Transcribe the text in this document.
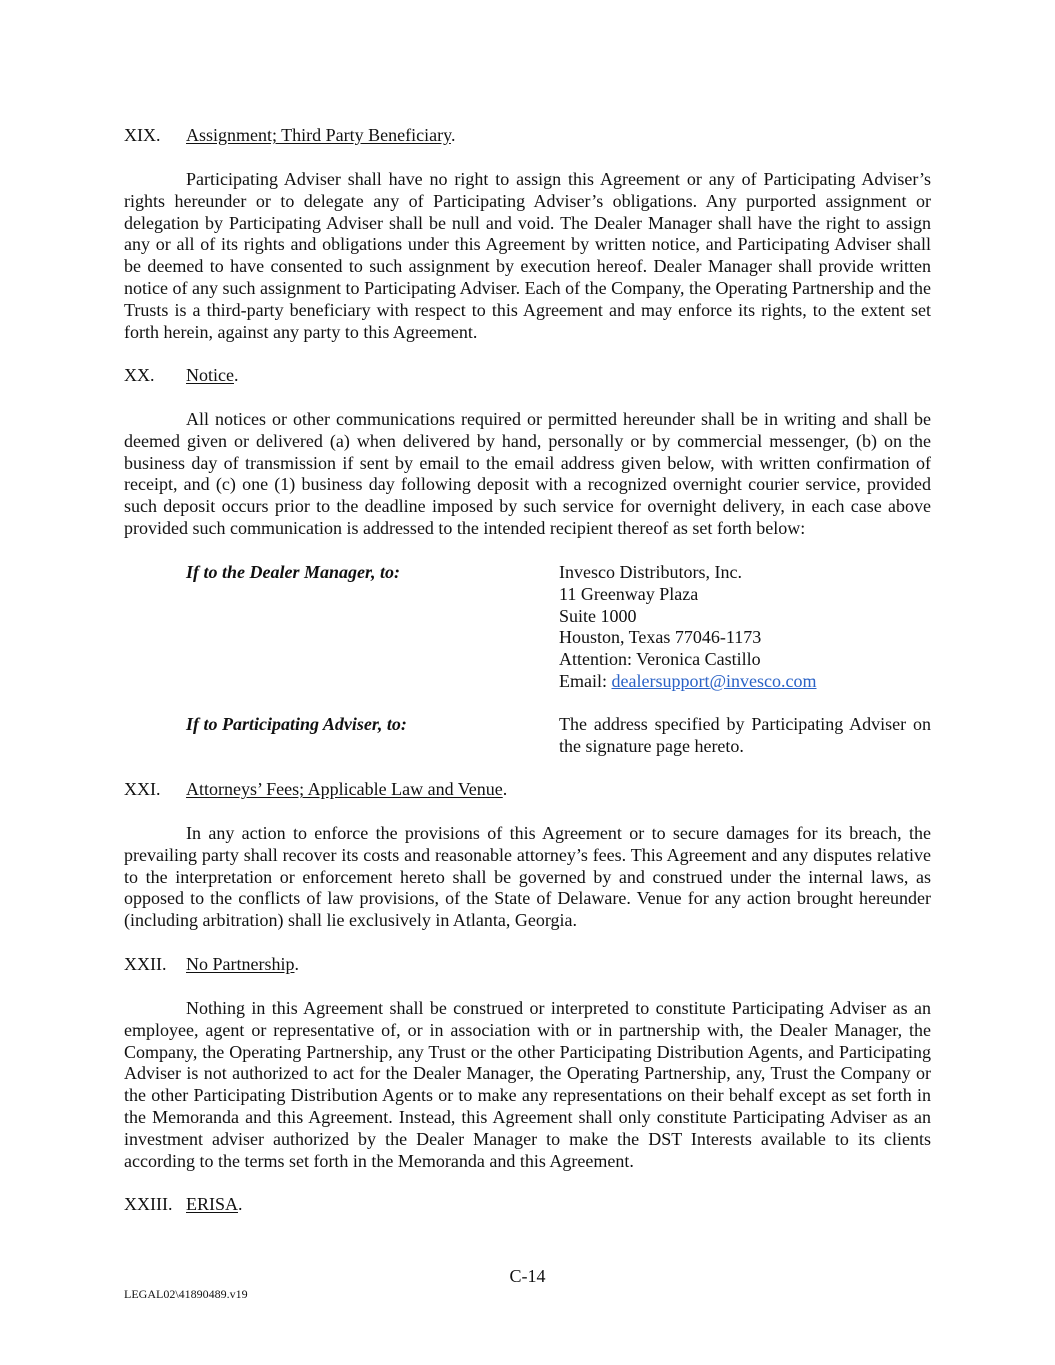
XIX. Assignment; Third Party Beneficiary.

Participating Adviser shall have no right to assign this Agreement or any of Participating Adviser’s rights hereunder or to delegate any of Participating Adviser’s obligations. Any purported assignment or delegation by Participating Adviser shall be null and void. The Dealer Manager shall have the right to assign any or all of its rights and obligations under this Agreement by written notice, and Participating Adviser shall be deemed to have consented to such assignment by execution hereof. Dealer Manager shall provide written notice of any such assignment to Participating Adviser. Each of the Company, the Operating Partnership and the Trusts is a third-party beneficiary with respect to this Agreement and may enforce its rights, to the extent set forth herein, against any party to this Agreement.

XX. Notice.

All notices or other communications required or permitted hereunder shall be in writing and shall be deemed given or delivered (a) when delivered by hand, personally or by commercial messenger, (b) on the business day of transmission if sent by email to the email address given below, with written confirmation of receipt, and (c) one (1) business day following deposit with a recognized overnight courier service, provided such deposit occurs prior to the deadline imposed by such service for overnight delivery, in each case above provided such communication is addressed to the intended recipient thereof as set forth below:

If to the Dealer Manager, to:	Invesco Distributors, Inc.
11 Greenway Plaza
Suite 1000
Houston, Texas 77046-1173
Attention: Veronica Castillo
Email: dealersupport@invesco.com
If to Participating Adviser, to:	The address specified by Participating Adviser on the signature page hereto.
XXI. Attorneys’ Fees; Applicable Law and Venue.

In any action to enforce the provisions of this Agreement or to secure damages for its breach, the prevailing party shall recover its costs and reasonable attorney’s fees. This Agreement and any disputes relative to the interpretation or enforcement hereto shall be governed by and construed under the internal laws, as opposed to the conflicts of law provisions, of the State of Delaware. Venue for any action brought hereunder (including arbitration) shall lie exclusively in Atlanta, Georgia.

XXII. No Partnership.

Nothing in this Agreement shall be construed or interpreted to constitute Participating Adviser as an employee, agent or representative of, or in association with or in partnership with, the Dealer Manager, the Company, the Operating Partnership, any Trust or the other Participating Distribution Agents, and Participating Adviser is not authorized to act for the Dealer Manager, the Operating Partnership, any, Trust the Company or the other Participating Distribution Agents or to make any representations on their behalf except as set forth in the Memoranda and this Agreement. Instead, this Agreement shall only constitute Participating Adviser as an investment adviser authorized by the Dealer Manager to make the DST Interests available to its clients according to the terms set forth in the Memoranda and this Agreement.

XXIII. ERISA.
C-14
LEGAL02\41890489.v19
